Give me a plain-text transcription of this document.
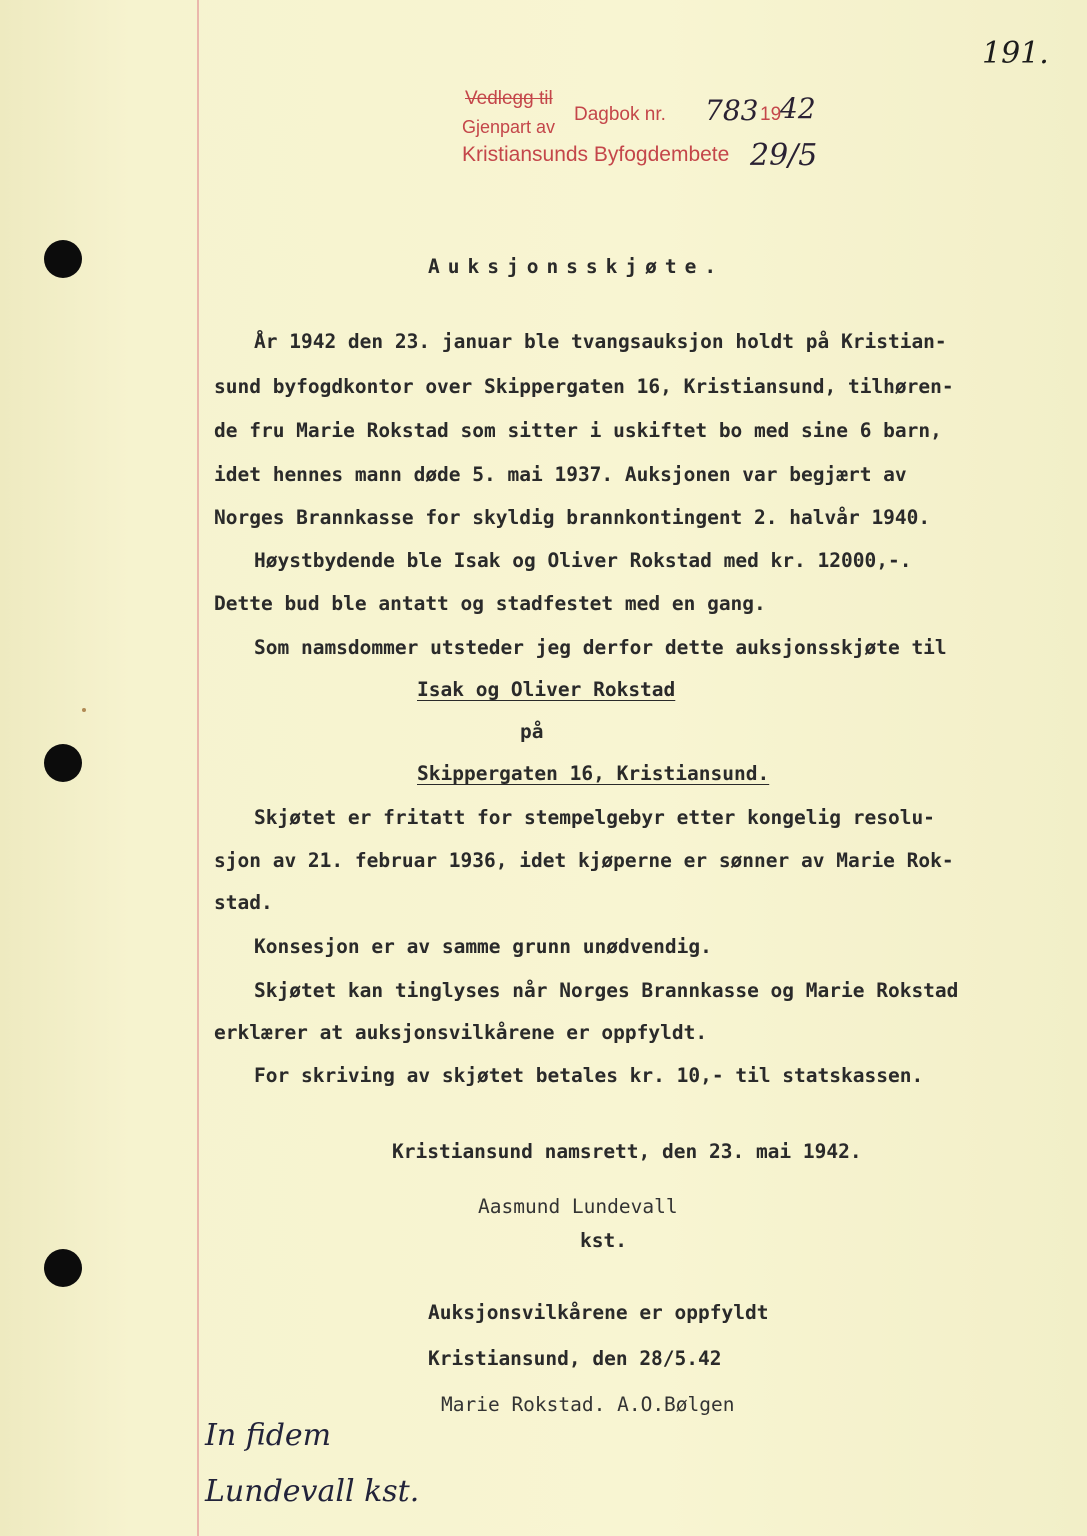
191.
Vedlegg til
Gjenpart av
Dagbok nr. 783 19
42
Kristiansunds Byfogdembete 29/5
Auksjonsskjøte.
År 1942 den 23. januar ble tvangsauksjon holdt på Kristian-
sund byfogdkontor over Skippergaten 16, Kristiansund, tilhøren-
de fru Marie Rokstad som sitter i uskiftet bo med sine 6 barn,
idet hennes mann døde 5. mai 1937. Auksjonen var begjært av
Norges Brannkasse for skyldig brannkontingent 2. halvår 1940.
Høystbydende ble Isak og Oliver Rokstad med kr. 12000,-.
Dette bud ble antatt og stadfestet med en gang.
Som namsdommer utsteder jeg derfor dette auksjonsskjøte til
Isak og Oliver Rokstad
på
Skippergaten 16, Kristiansund.
Skjøtet er fritatt for stempelgebyr etter kongelig resolu-
sjon av 21. februar 1936, idet kjøperne er sønner av Marie Rok-
stad.
Konsesjon er av samme grunn unødvendig.
Skjøtet kan tinglyses når Norges Brannkasse og Marie Rokstad
erklærer at auksjonsvilkårene er oppfyldt.
For skriving av skjøtet betales kr. 10,- til statskassen.
Kristiansund namsrett, den 23. mai 1942.
Aasmund Lundevall
kst.
Auksjonsvilkårene er oppfyldt
Kristiansund, den 28/5.42
Marie Rokstad. A.O.Bølgen
In fidem
Lundevall kst.
